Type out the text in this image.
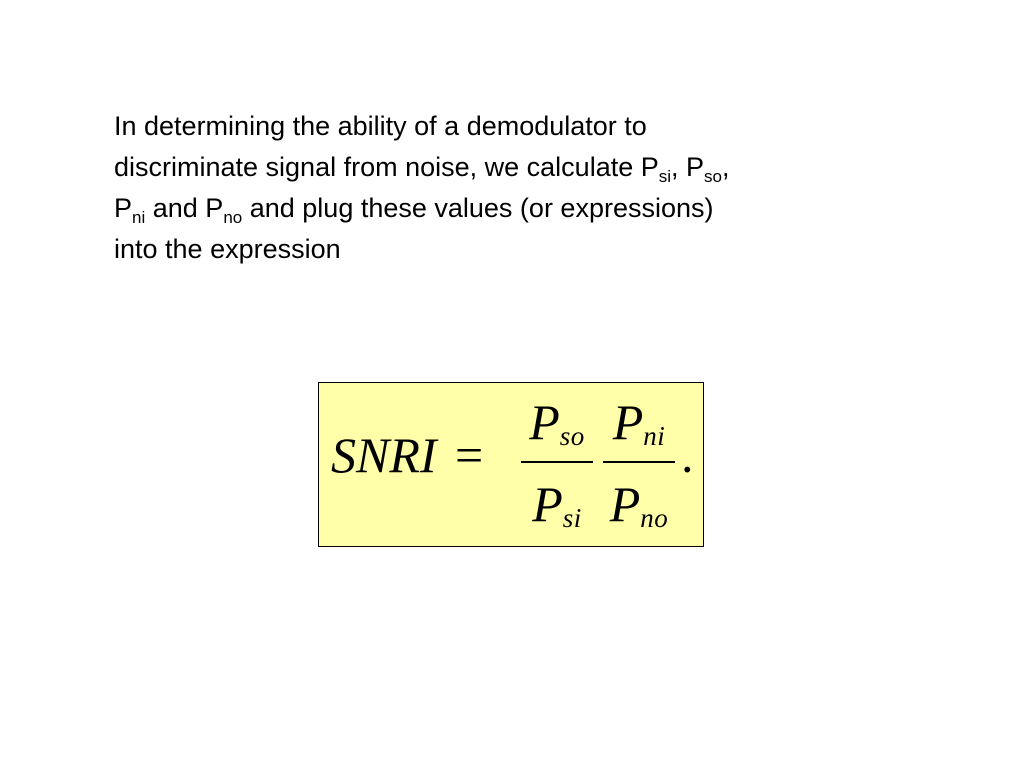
In determining the ability of a demodulator to
discriminate signal from noise, we calculate $P_{si}$, $P_{so}$,
$P_{ni}$ and $P_{no}$ and plug these values (or expressions)
into the expression
SNRI =
$P_{so}$
$P_{si}$
$P_{ni}$
$P_{no}$
.
